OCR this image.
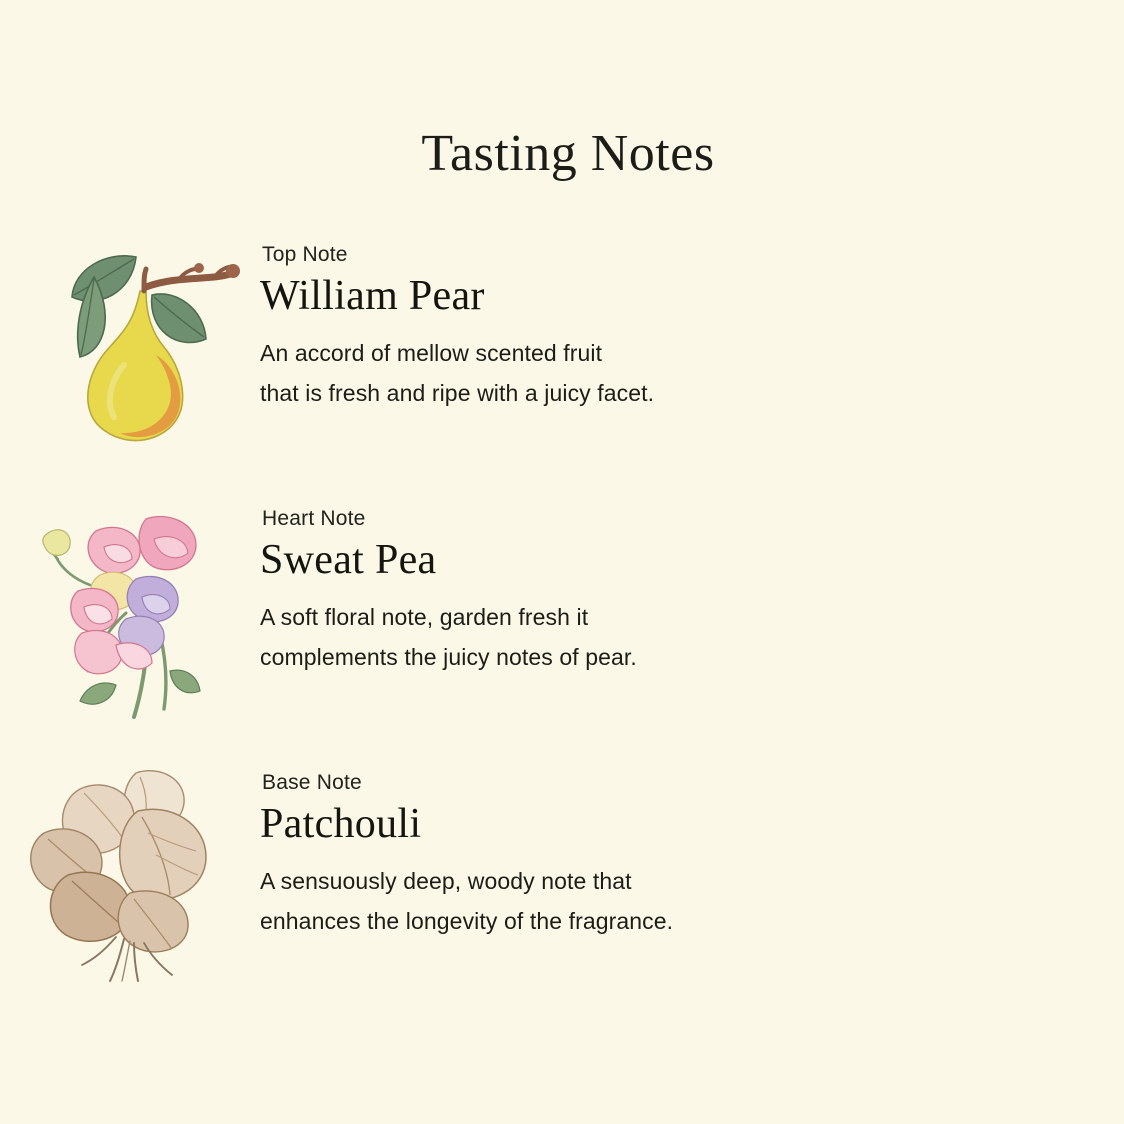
Tasting Notes
Top Note
William Pear

An accord of mellow scented fruit
that is fresh and ripe with a juicy facet.

Heart Note
Sweat Pea

A soft floral note, garden fresh it
complements the juicy notes of pear.

Base Note
Patchouli

A sensuously deep, woody note that
enhances the longevity of the fragrance.
